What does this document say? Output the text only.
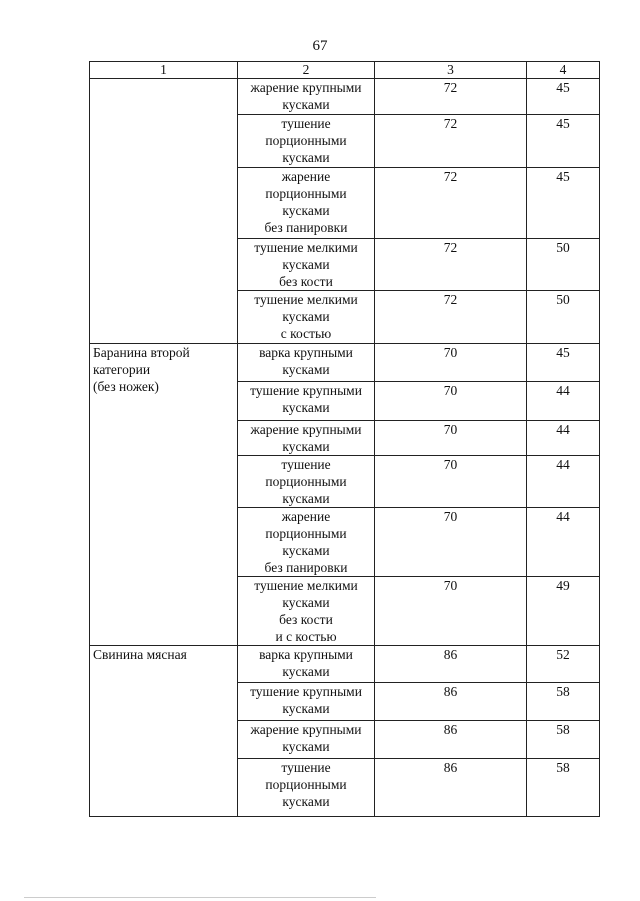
67
1	2	3	4

	жарение крупными
кусками	72	45

	тушение
порционными
кусками	72	45

	жарение
порционными
кусками
без панировки	72	45

	тушение мелкими
кусками
без кости	72	50

	тушение мелкими
кусками
с костью	72	50

Баранина второй
категории
(без ножек)	варка крупными
кусками	70	45

	тушение крупными
кусками	70	44

	жарение крупными
кусками	70	44

	тушение
порционными
кусками	70	44

	жарение
порционными
кусками
без панировки	70	44

	тушение мелкими
кусками
без кости
и с костью	70	49

Свинина мясная	варка крупными
кусками	86	52

	тушение крупными
кусками	86	58

	жарение крупными
кусками	86	58

	тушение
порционными
кусками	86	58
